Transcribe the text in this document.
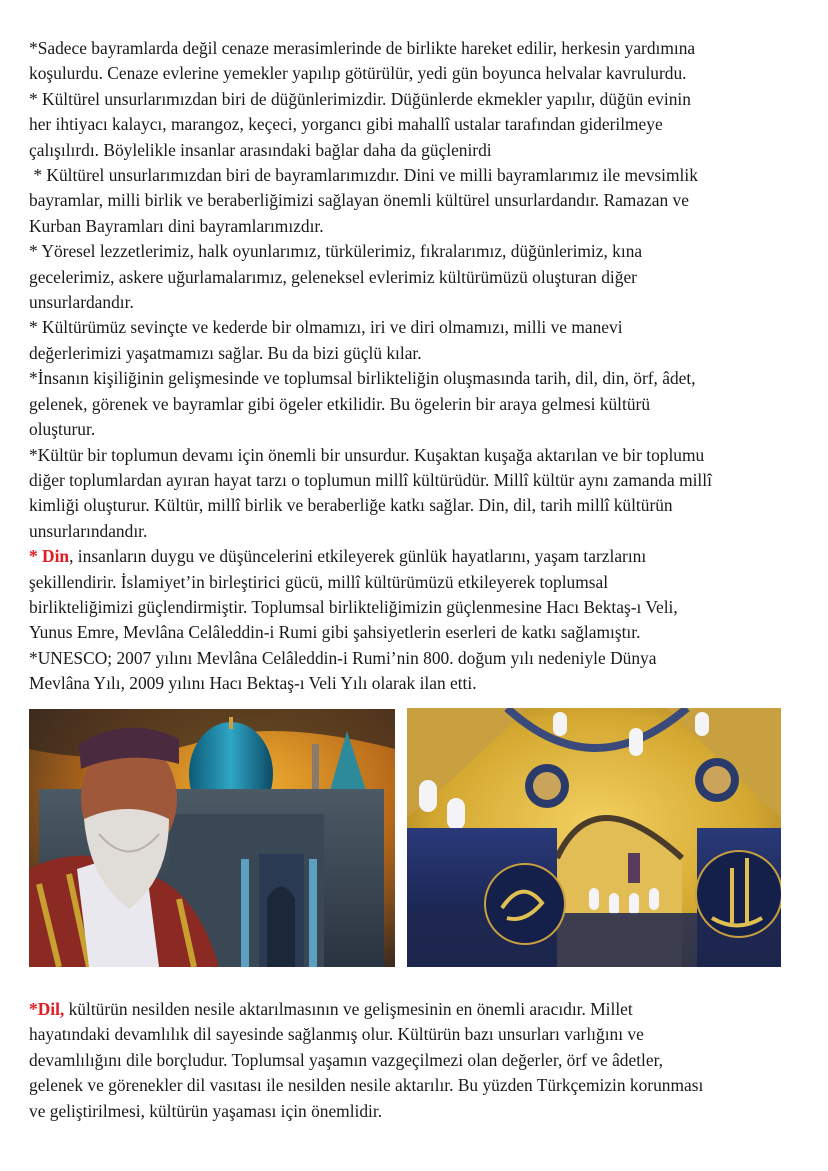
*Sadece bayramlarda değil cenaze merasimlerinde de birlikte hareket edilir, herkesin yardımına
koşulurdu. Cenaze evlerine yemekler yapılıp götürülür, yedi gün boyunca helvalar kavrulurdu.
* Kültürel unsurlarımızdan biri de düğünlerimizdir. Düğünlerde ekmekler yapılır, düğün evinin
her ihtiyacı kalaycı, marangoz, keçeci, yorgancı gibi mahallî ustalar tarafından giderilmeye
çalışılırdı. Böylelikle insanlar arasındaki bağlar daha da güçlenirdi
* Kültürel unsurlarımızdan biri de bayramlarımızdır. Dini ve milli bayramlarımız ile mevsimlik
bayramlar, milli birlik ve beraberliğimizi sağlayan önemli kültürel unsurlardandır. Ramazan ve
Kurban Bayramları dini bayramlarımızdır.
* Yöresel lezzetlerimiz, halk oyunlarımız, türkülerimiz, fıkralarımız, düğünlerimiz, kına
gecelerimiz, askere uğurlamalarımız, geleneksel evlerimiz kültürümüzü oluşturan diğer
unsurlardandır.
* Kültürümüz sevinçte ve kederde bir olmamızı, iri ve diri olmamızı, milli ve manevi
değerlerimizi yaşatmamızı sağlar. Bu da bizi güçlü kılar.
*İnsanın kişiliğinin gelişmesinde ve toplumsal birlikteliğin oluşmasında tarih, dil, din, örf, âdet,
gelenek, görenek ve bayramlar gibi ögeler etkilidir. Bu ögelerin bir araya gelmesi kültürü
oluşturur.
*Kültür bir toplumun devamı için önemli bir unsurdur. Kuşaktan kuşağa aktarılan ve bir toplumu
diğer toplumlardan ayıran hayat tarzı o toplumun millî kültürüdür. Millî kültür aynı zamanda millî
kimliği oluşturur. Kültür, millî birlik ve beraberliğe katkı sağlar. Din, dil, tarih millî kültürün
unsurlarındandır.
* Din, insanların duygu ve düşüncelerini etkileyerek günlük hayatlarını, yaşam tarzlarını
şekillendirir. İslamiyet’in birleştirici gücü, millî kültürümüzü etkileyerek toplumsal
birlikteliğimizi güçlendirmiştir. Toplumsal birlikteliğimizin güçlenmesine Hacı Bektaş-ı Veli,
Yunus Emre, Mevlâna Celâleddin-i Rumi gibi şahsiyetlerin eserleri de katkı sağlamıştır.
*UNESCO; 2007 yılını Mevlâna Celâleddin-i Rumi’nin 800. doğum yılı nedeniyle Dünya
Mevlâna Yılı, 2009 yılını Hacı Bektaş-ı Veli Yılı olarak ilan etti.
*Dil, kültürün nesilden nesile aktarılmasının ve gelişmesinin en önemli aracıdır. Millet
hayatındaki devamlılık dil sayesinde sağlanmış olur. Kültürün bazı unsurları varlığını ve
devamlılığını dile borçludur. Toplumsal yaşamın vazgeçilmezi olan değerler, örf ve âdetler,
gelenek ve görenekler dil vasıtası ile nesilden nesile aktarılır. Bu yüzden Türkçemizin korunması
ve geliştirilmesi, kültürün yaşaması için önemlidir.
